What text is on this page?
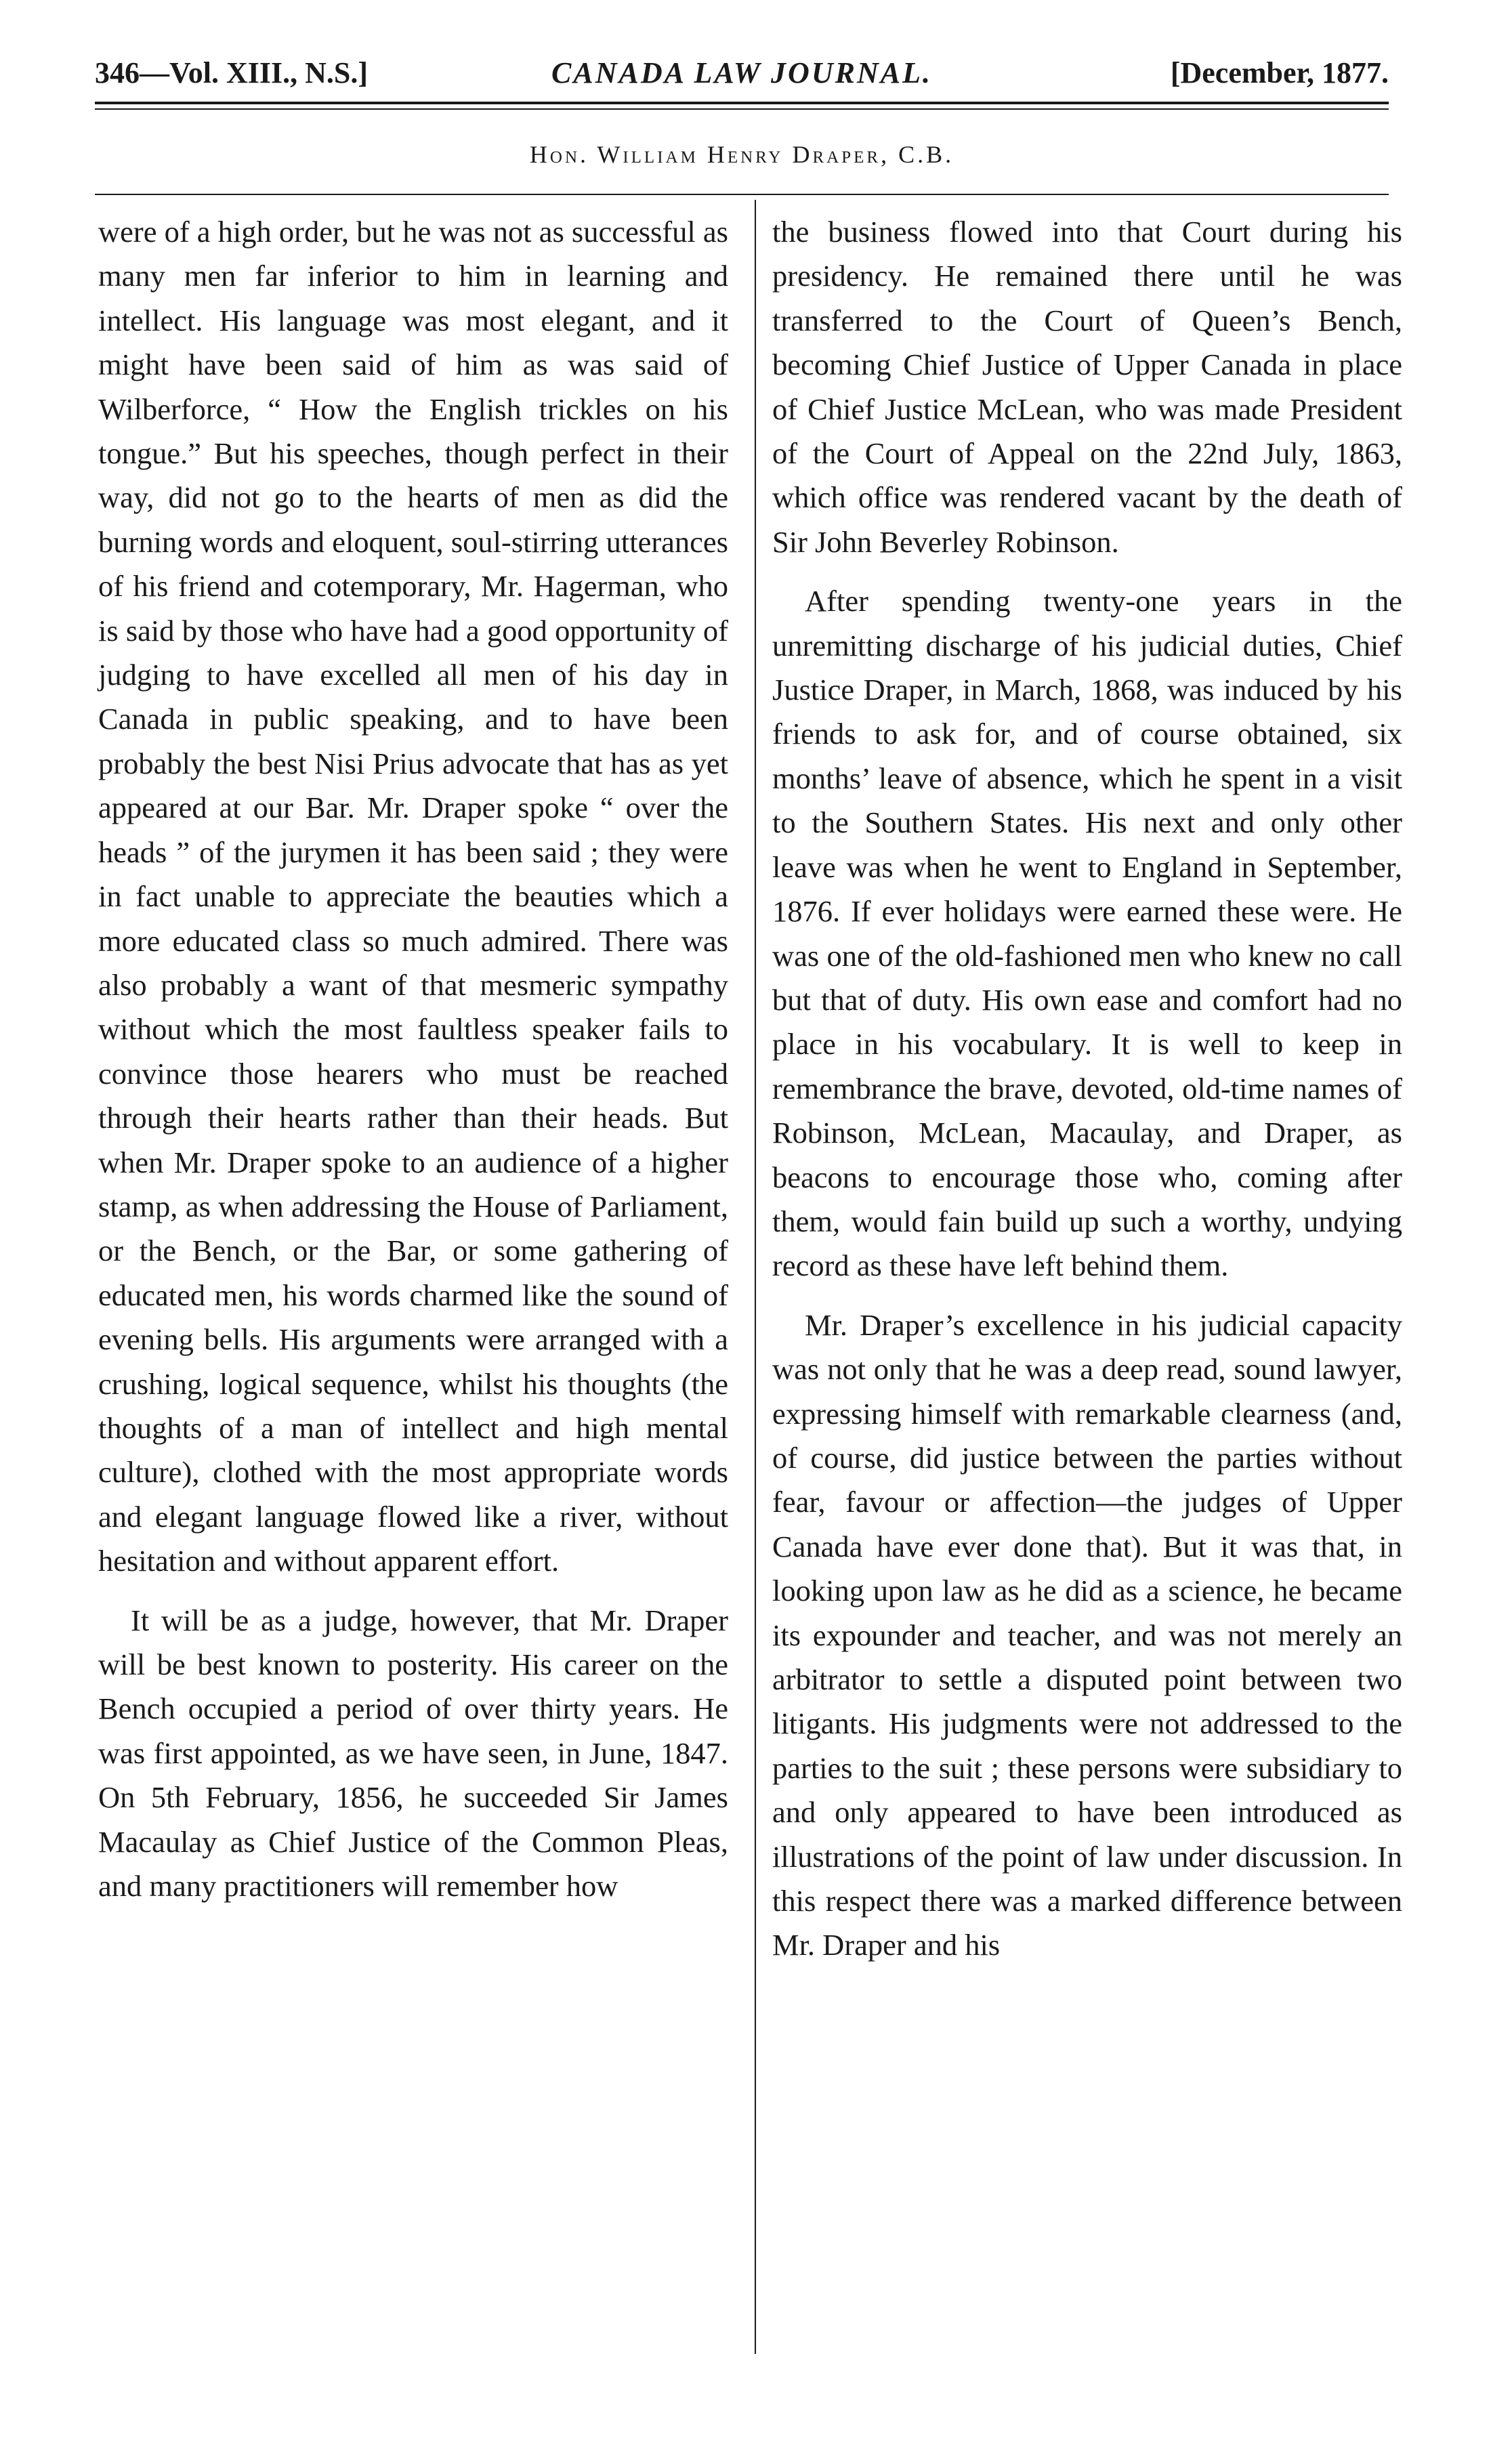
346—Vol. XIII., N.S.]	CANADA LAW JOURNAL.	[December, 1877.
Hon. William Henry Draper, C.B.

were of a high order, but he was not as successful as many men far inferior to him in learning and intellect. His language was most elegant, and it might have been said of him as was said of Wilberforce, “ How the English trickles on his tongue.” But his speeches, though perfect in their way, did not go to the hearts of men as did the burning words and eloquent, soul-stirring utterances of his friend and cotemporary, Mr. Hagerman, who is said by those who have had a good opportunity of judging to have excelled all men of his day in Canada in public speaking, and to have been probably the best Nisi Prius advocate that has as yet appeared at our Bar. Mr. Draper spoke “ over the heads ” of the jurymen it has been said ; they were in fact unable to appreciate the beauties which a more educated class so much admired. There was also probably a want of that mesmeric sympathy without which the most faultless speaker fails to convince those hearers who must be reached through their hearts rather than their heads. But when Mr. Draper spoke to an audience of a higher stamp, as when addressing the House of Parliament, or the Bench, or the Bar, or some gathering of educated men, his words charmed like the sound of evening bells. His arguments were arranged with a crushing, logical sequence, whilst his thoughts (the thoughts of a man of intellect and high mental culture), clothed with the most appropriate words and elegant language flowed like a river, without hesitation and without apparent effort.

It will be as a judge, however, that Mr. Draper will be best known to posterity. His career on the Bench occupied a period of over thirty years. He was first appointed, as we have seen, in June, 1847. On 5th February, 1856, he succeeded Sir James Macaulay as Chief Justice of the Common Pleas, and many practitioners will remember how

the business flowed into that Court during his presidency. He remained there until he was transferred to the Court of Queen’s Bench, becoming Chief Justice of Upper Canada in place of Chief Justice McLean, who was made President of the Court of Appeal on the 22nd July, 1863, which office was rendered vacant by the death of Sir John Beverley Robinson.

After spending twenty-one years in the unremitting discharge of his judicial duties, Chief Justice Draper, in March, 1868, was induced by his friends to ask for, and of course obtained, six months’ leave of absence, which he spent in a visit to the Southern States. His next and only other leave was when he went to England in September, 1876. If ever holidays were earned these were. He was one of the old-fashioned men who knew no call but that of duty. His own ease and comfort had no place in his vocabulary. It is well to keep in remembrance the brave, devoted, old-time names of Robinson, McLean, Macaulay, and Draper, as beacons to encourage those who, coming after them, would fain build up such a worthy, undying record as these have left behind them.

Mr. Draper’s excellence in his judicial capacity was not only that he was a deep read, sound lawyer, expressing himself with remarkable clearness (and, of course, did justice between the parties without fear, favour or affection—the judges of Upper Canada have ever done that). But it was that, in looking upon law as he did as a science, he became its expounder and teacher, and was not merely an arbitrator to settle a disputed point between two litigants. His judgments were not addressed to the parties to the suit ; these persons were subsidiary to and only appeared to have been introduced as illustrations of the point of law under discussion. In this respect there was a marked difference between Mr. Draper and his
